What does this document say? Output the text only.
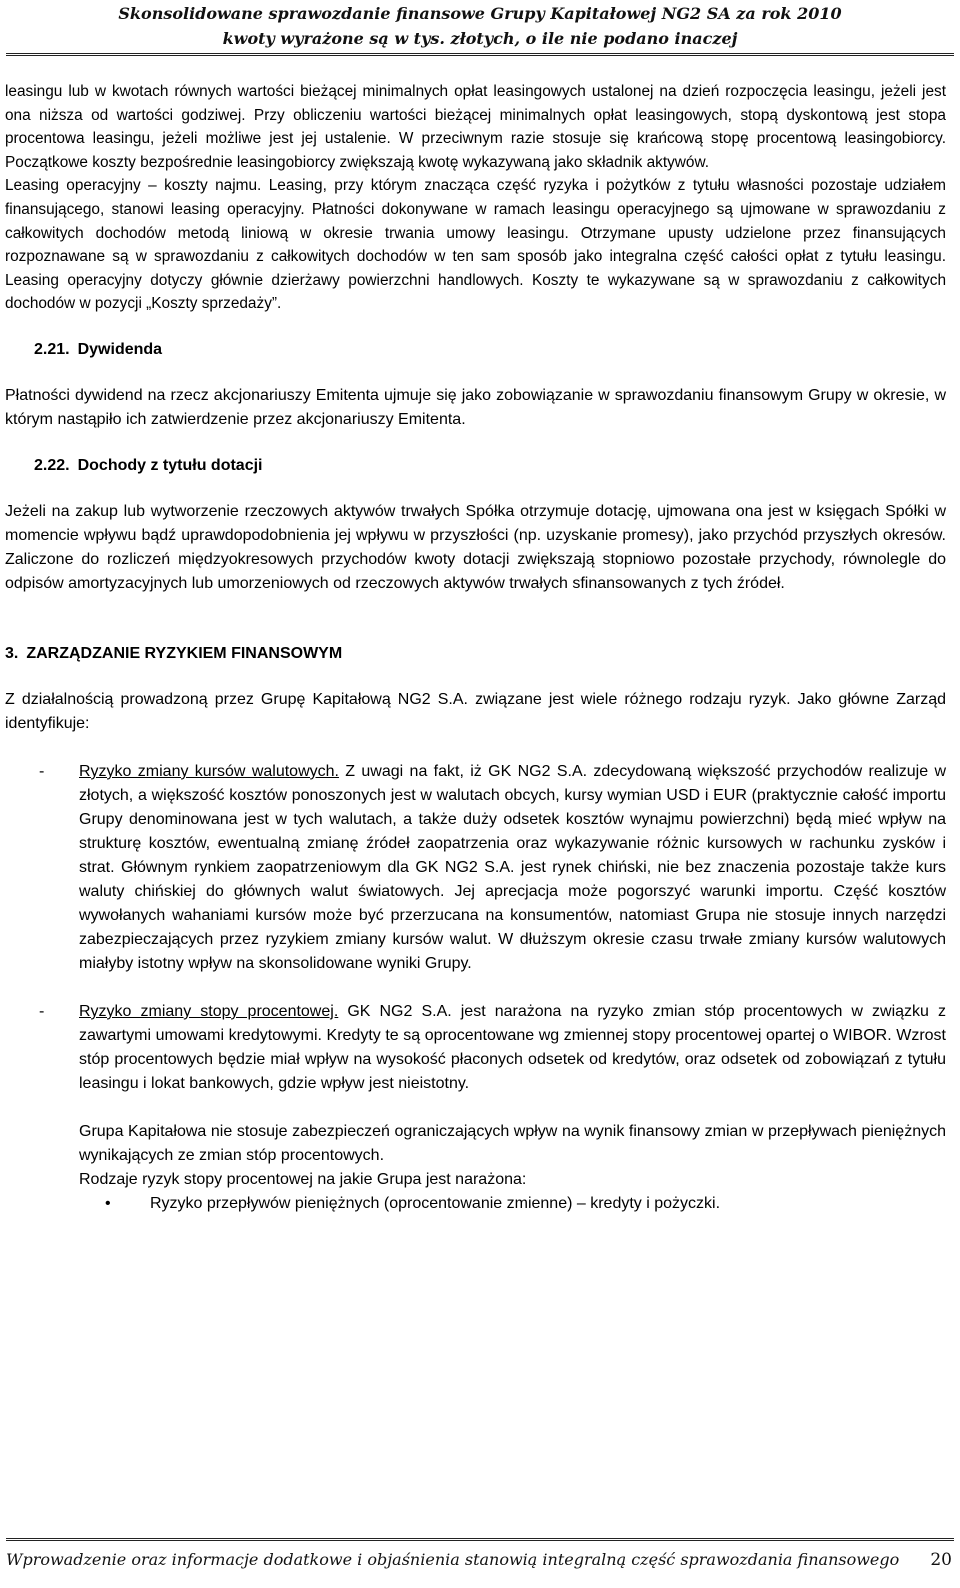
Skonsolidowane sprawozdanie finansowe Grupy Kapitałowej NG2 SA za rok 2010
kwoty wyrażone są w tys. złotych, o ile nie podano inaczej

leasingu lub w kwotach równych wartości bieżącej minimalnych opłat leasingowych ustalonej na dzień rozpoczęcia leasingu, jeżeli jest ona niższa od wartości godziwej. Przy obliczeniu wartości bieżącej minimalnych opłat leasingowych, stopą dyskontową jest stopa procentowa leasingu, jeżeli możliwe jest jej ustalenie. W przeciwnym razie stosuje się krańcową stopę procentową leasingobiorcy. Początkowe koszty bezpośrednie leasingobiorcy zwiększają kwotę wykazywaną jako składnik aktywów.

Leasing operacyjny – koszty najmu. Leasing, przy którym znacząca część ryzyka i pożytków z tytułu własności pozostaje udziałem finansującego, stanowi leasing operacyjny. Płatności dokonywane w ramach leasingu operacyjnego są ujmowane w sprawozdaniu z całkowitych dochodów metodą liniową w okresie trwania umowy leasingu. Otrzymane upusty udzielone przez finansujących rozpoznawane są w sprawozdaniu z całkowitych dochodów w ten sam sposób jako integralna część całości opłat z tytułu leasingu. Leasing operacyjny dotyczy głównie dzierżawy powierzchni handlowych. Koszty te wykazywane są w sprawozdaniu z całkowitych dochodów w pozycji „Koszty sprzedaży”.

2.21. Dywidenda

Płatności dywidend na rzecz akcjonariuszy Emitenta ujmuje się jako zobowiązanie w sprawozdaniu finansowym Grupy w okresie, w którym nastąpiło ich zatwierdzenie przez akcjonariuszy Emitenta.

2.22. Dochody z tytułu dotacji

Jeżeli na zakup lub wytworzenie rzeczowych aktywów trwałych Spółka otrzymuje dotację, ujmowana ona jest w księgach Spółki w momencie wpływu bądź uprawdopodobnienia jej wpływu w przyszłości (np. uzyskanie promesy), jako przychód przyszłych okresów. Zaliczone do rozliczeń międzyokresowych przychodów kwoty dotacji zwiększają stopniowo pozostałe przychody, równolegle do odpisów amortyzacyjnych lub umorzeniowych od rzeczowych aktywów trwałych sfinansowanych z tych źródeł.

3. ZARZĄDZANIE RYZYKIEM FINANSOWYM

Z działalnością prowadzoną przez Grupę Kapitałową NG2 S.A. związane jest wiele różnego rodzaju ryzyk. Jako główne Zarząd identyfikuje:

- Ryzyko zmiany kursów walutowych. Z uwagi na fakt, iż GK NG2 S.A. zdecydowaną większość przychodów realizuje w złotych, a większość kosztów ponoszonych jest w walutach obcych, kursy wymian USD i EUR (praktycznie całość importu Grupy denominowana jest w tych walutach, a także duży odsetek kosztów wynajmu powierzchni) będą mieć wpływ na strukturę kosztów, ewentualną zmianę źródeł zaopatrzenia oraz wykazywanie różnic kursowych w rachunku zysków i strat. Głównym rynkiem zaopatrzeniowym dla GK NG2 S.A. jest rynek chiński, nie bez znaczenia pozostaje także kurs waluty chińskiej do głównych walut światowych. Jej aprecjacja może pogorszyć warunki importu. Część kosztów wywołanych wahaniami kursów może być przerzucana na konsumentów, natomiast Grupa nie stosuje innych narzędzi zabezpieczających przez ryzykiem zmiany kursów walut. W dłuższym okresie czasu trwałe zmiany kursów walutowych miałyby istotny wpływ na skonsolidowane wyniki Grupy.

- Ryzyko zmiany stopy procentowej. GK NG2 S.A. jest narażona na ryzyko zmian stóp procentowych w związku z zawartymi umowami kredytowymi. Kredyty te są oprocentowane wg zmiennej stopy procentowej opartej o WIBOR. Wzrost stóp procentowych będzie miał wpływ na wysokość płaconych odsetek od kredytów, oraz odsetek od zobowiązań z tytułu leasingu i lokat bankowych, gdzie wpływ jest nieistotny.

Grupa Kapitałowa nie stosuje zabezpieczeń ograniczających wpływ na wynik finansowy zmian w przepływach pieniężnych wynikających ze zmian stóp procentowych.

Rodzaje ryzyk stopy procentowej na jakie Grupa jest narażona:

• Ryzyko przepływów pieniężnych (oprocentowanie zmienne) – kredyty i pożyczki.
Wprowadzenie oraz informacje dodatkowe i objaśnienia stanowią integralną część sprawozdania finansowego 20
